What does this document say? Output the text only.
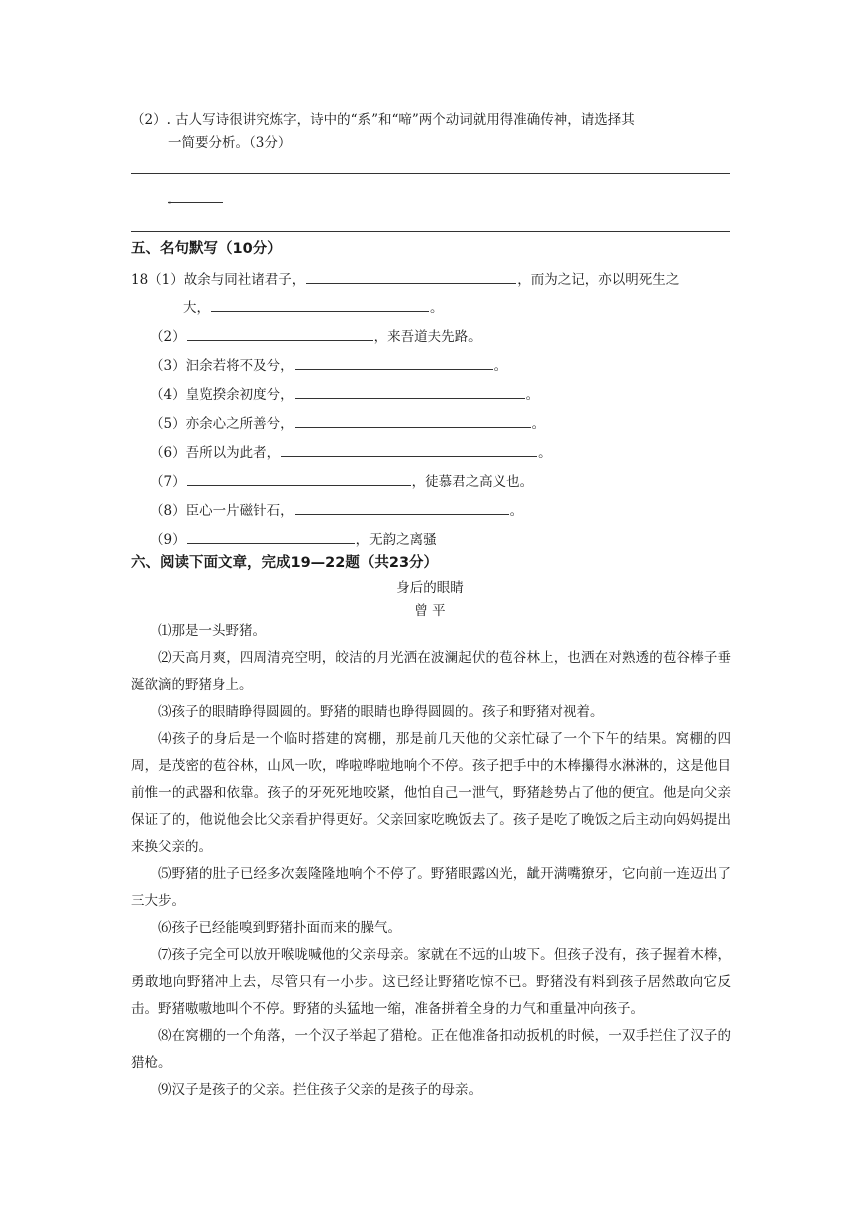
（2）. 古人写诗很讲究炼字，诗中的“系”和“啼”两个动词就用得准确传神，请选择其
一简要分析。（3分）
。
五、名句默写（10分）
18（1）故余与同社诸君子，	，而为之记，亦以明死生之
大，	。
（2）	，来吾道夫先路。
（3）汩余若将不及兮，	。
（4）皇览揆余初度兮，	。
（5）亦余心之所善兮，	。
（6）吾所以为此者，	。
（7）	，徒慕君之高义也。
（8）臣心一片磁针石，	。
（9）	，无韵之离骚
六、阅读下面文章，完成19—22题（共23分）
身后的眼睛
曾 平

⑴那是一头野猪。

⑵天高月爽，四周清亮空明，皎洁的月光洒在波澜起伏的苞谷林上，也洒在对熟透的苞谷棒子垂涎欲滴的野猪身上。

⑶孩子的眼睛睁得圆圆的。野猪的眼睛也睁得圆圆的。孩子和野猪对视着。

⑷孩子的身后是一个临时搭建的窝棚，那是前几天他的父亲忙碌了一个下午的结果。窝棚的四周，是茂密的苞谷林，山风一吹，哗啦哗啦地响个不停。孩子把手中的木棒攥得水淋淋的，这是他目前惟一的武器和依靠。孩子的牙死死地咬紧，他怕自己一泄气，野猪趁势占了他的便宜。他是向父亲保证了的，他说他会比父亲看护得更好。父亲回家吃晚饭去了。孩子是吃了晚饭之后主动向妈妈提出来换父亲的。

⑸野猪的肚子已经多次轰隆隆地响个不停了。野猪眼露凶光，龇开满嘴獠牙，它向前一连迈出了三大步。

⑹孩子已经能嗅到野猪扑面而来的臊气。

⑺孩子完全可以放开喉咙喊他的父亲母亲。家就在不远的山坡下。但孩子没有，孩子握着木棒，勇敢地向野猪冲上去，尽管只有一小步。这已经让野猪吃惊不已。野猪没有料到孩子居然敢向它反击。野猪嗷嗷地叫个不停。野猪的头猛地一缩，准备拼着全身的力气和重量冲向孩子。

⑻在窝棚的一个角落，一个汉子举起了猎枪。正在他准备扣动扳机的时候，一双手拦住了汉子的猎枪。

⑼汉子是孩子的父亲。拦住孩子父亲的是孩子的母亲。
